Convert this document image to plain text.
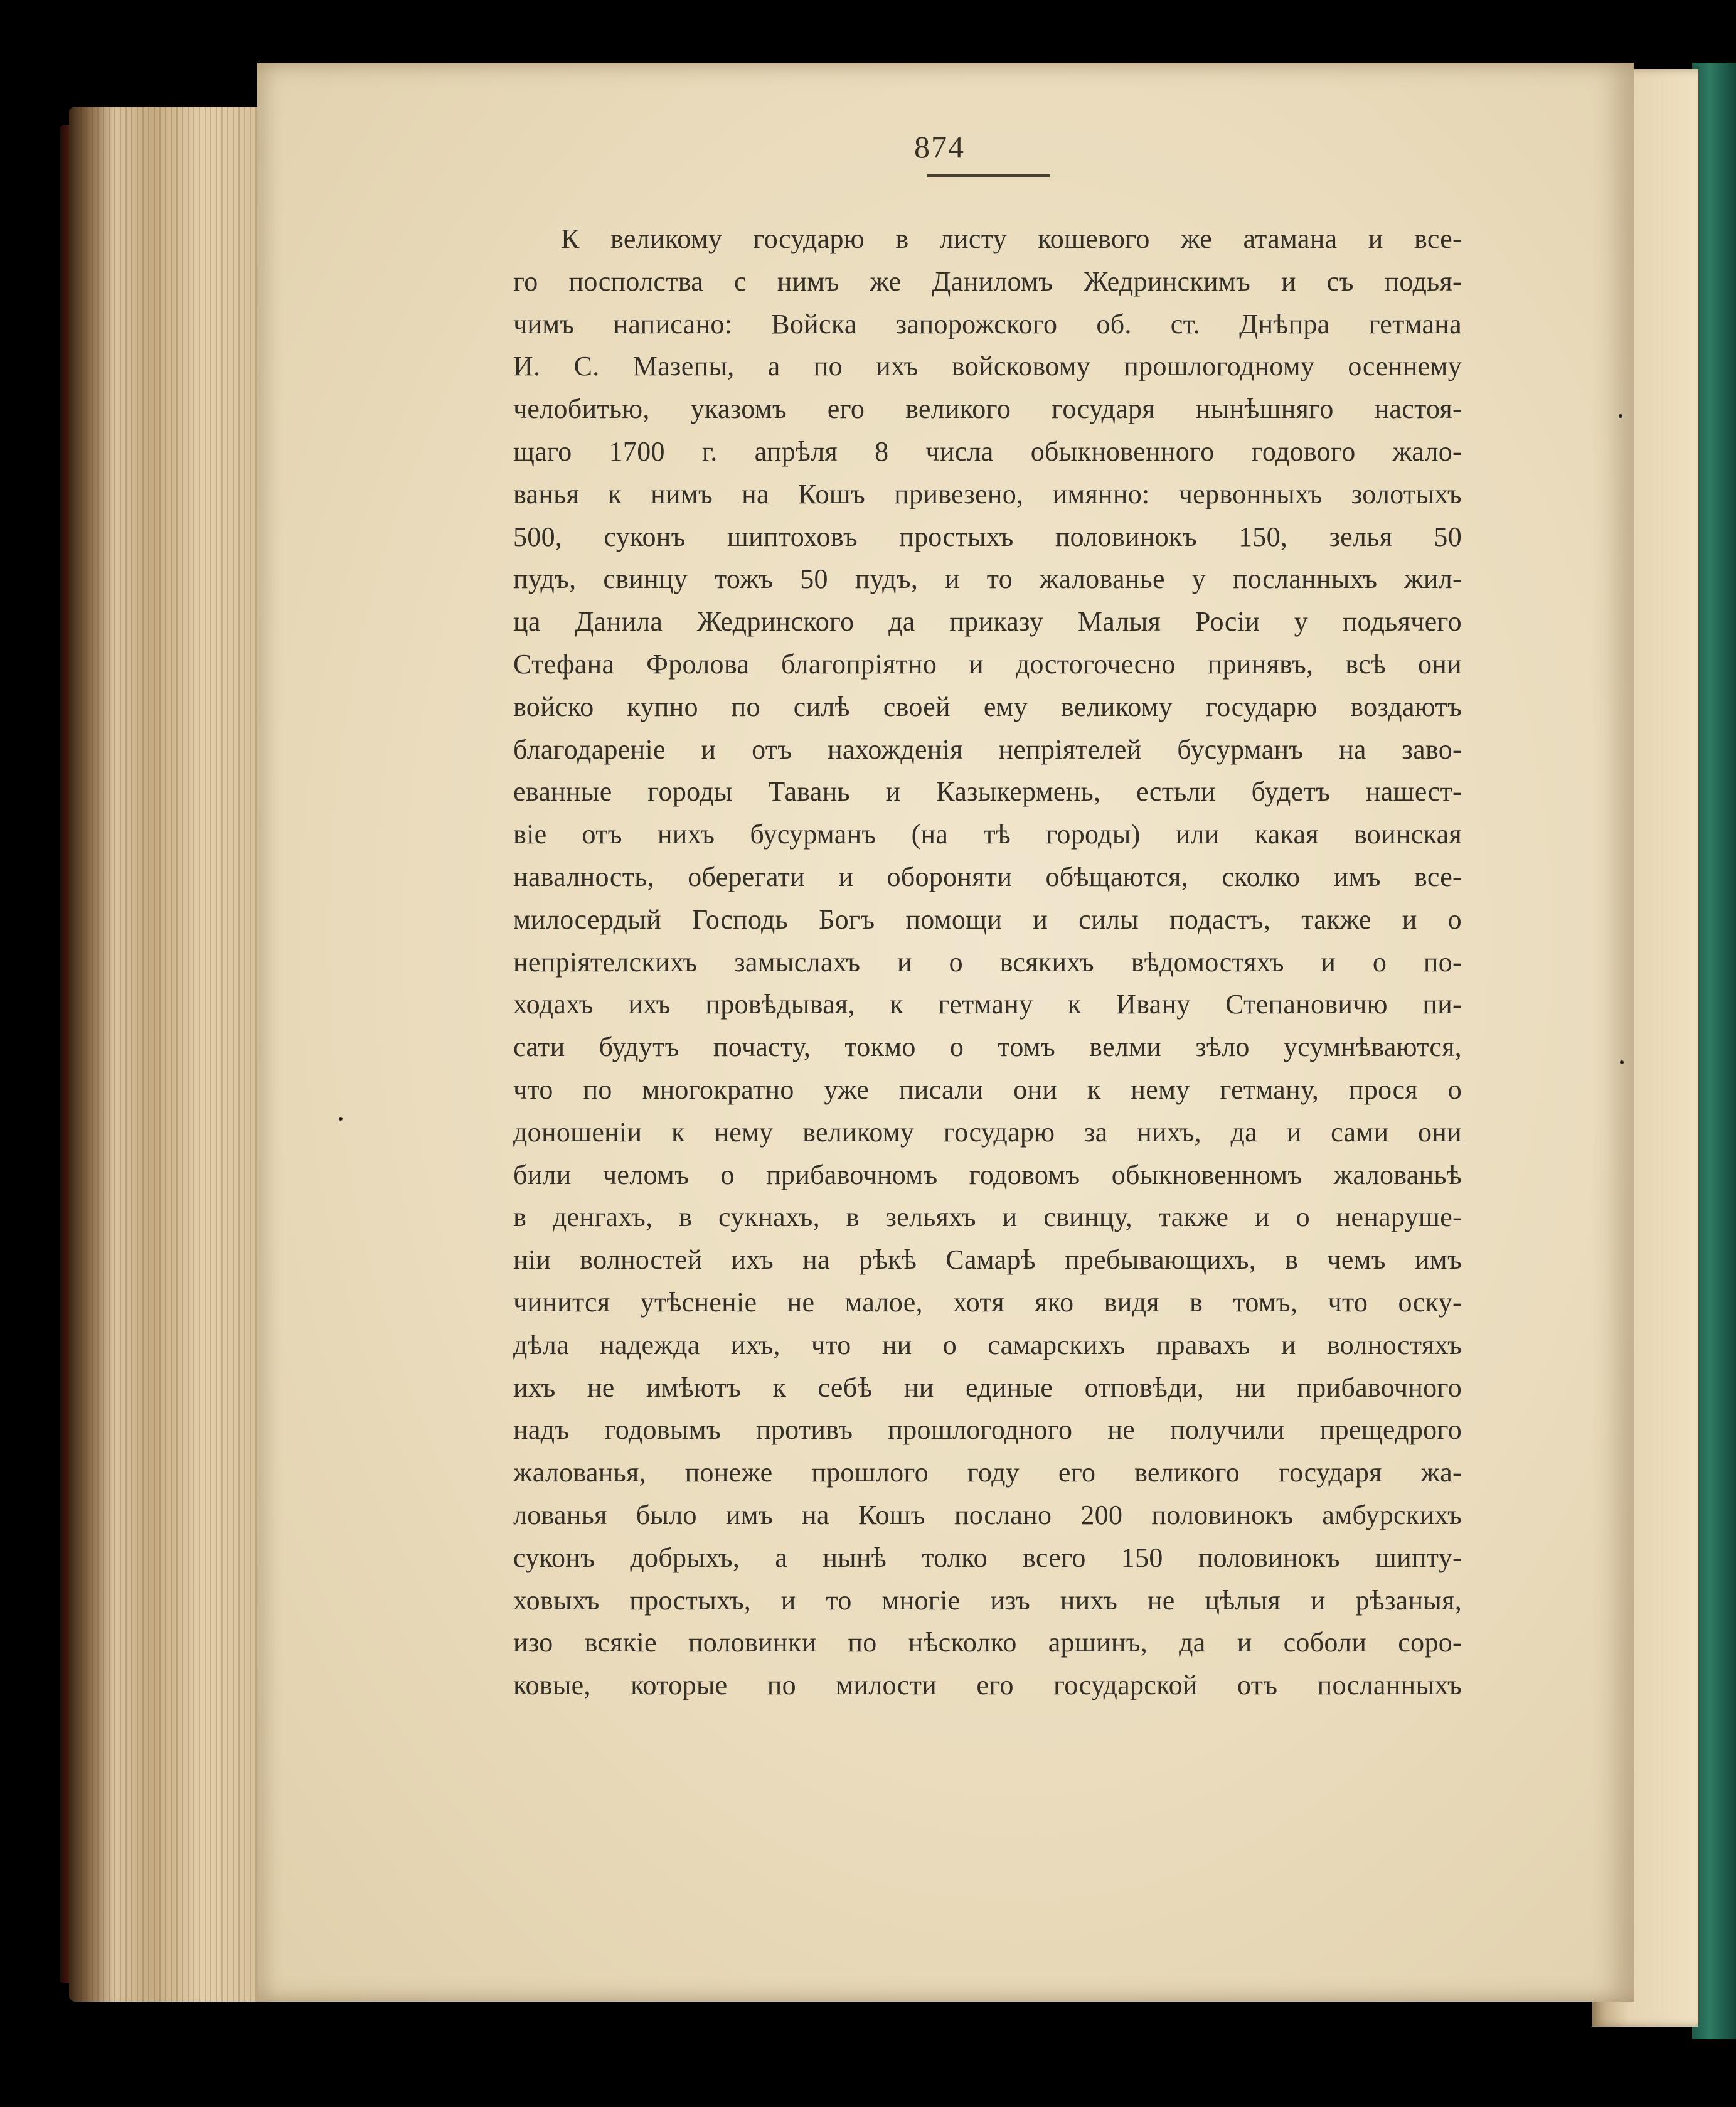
874
К великому государю в листу кошевого же атамана и все-
го посполства с нимъ же Даниломъ Жедринскимъ и съ подья-
чимъ написано: Войска запорожского об. ст. Днѣпра гетмана
И. С. Мазепы, а по ихъ войсковому прошлогодному осеннему
челобитью, указомъ его великого государя нынѣшняго настоя-
щаго 1700 г. апрѣля 8 числа обыкновенного годового жало-
ванья к нимъ на Кошъ привезено, имянно: червонныхъ золотыхъ
500, суконъ шиптоховъ простыхъ половинокъ 150, зелья 50
пудъ, свинцу тожъ 50 пудъ, и то жалованье у посланныхъ жил-
ца Данила Жедринского да приказу Малыя Росіи у подьячего
Стефана Фролова благопріятно и достогочесно принявъ, всѣ они
войско купно по силѣ своей ему великому государю воздаютъ
благодареніе и отъ нахожденія непріятелей бусурманъ на заво-
еванные городы Тавань и Казыкермень, естьли будетъ нашест-
віе отъ нихъ бусурманъ (на тѣ городы) или какая воинская
навалность, оберегати и обороняти обѣщаются, сколко имъ все-
милосердый Господь Богъ помощи и силы подастъ, также и о
непріятелскихъ замыслахъ и о всякихъ вѣдомостяхъ и о по-
ходахъ ихъ провѣдывая, к гетману к Ивану Степановичю пи-
сати будутъ почасту, токмо о томъ велми зѣло усумнѣваются,
что по многократно уже писали они к нему гетману, прося о
доношеніи к нему великому государю за нихъ, да и сами они
били челомъ о прибавочномъ годовомъ обыкновенномъ жалованьѣ
в денгахъ, в сукнахъ, в зельяхъ и свинцу, также и о ненаруше-
ніи волностей ихъ на рѣкѣ Самарѣ пребывающихъ, в чемъ имъ
чинится утѣсненіе не малое, хотя яко видя в томъ, что оску-
дѣла надежда ихъ, что ни о самарскихъ правахъ и волностяхъ
ихъ не имѣютъ к себѣ ни единые отповѣди, ни прибавочного
надъ годовымъ противъ прошлогодного не получили прещедрого
жалованья, понеже прошлого году его великого государя жа-
лованья было имъ на Кошъ послано 200 половинокъ амбурскихъ
суконъ добрыхъ, а нынѣ толко всего 150 половинокъ шипту-
ховыхъ простыхъ, и то многіе изъ нихъ не цѣлыя и рѣзаныя,
изо всякіе половинки по нѣсколко аршинъ, да и соболи соро-
ковые, которые по милости его государской отъ посланныхъ
